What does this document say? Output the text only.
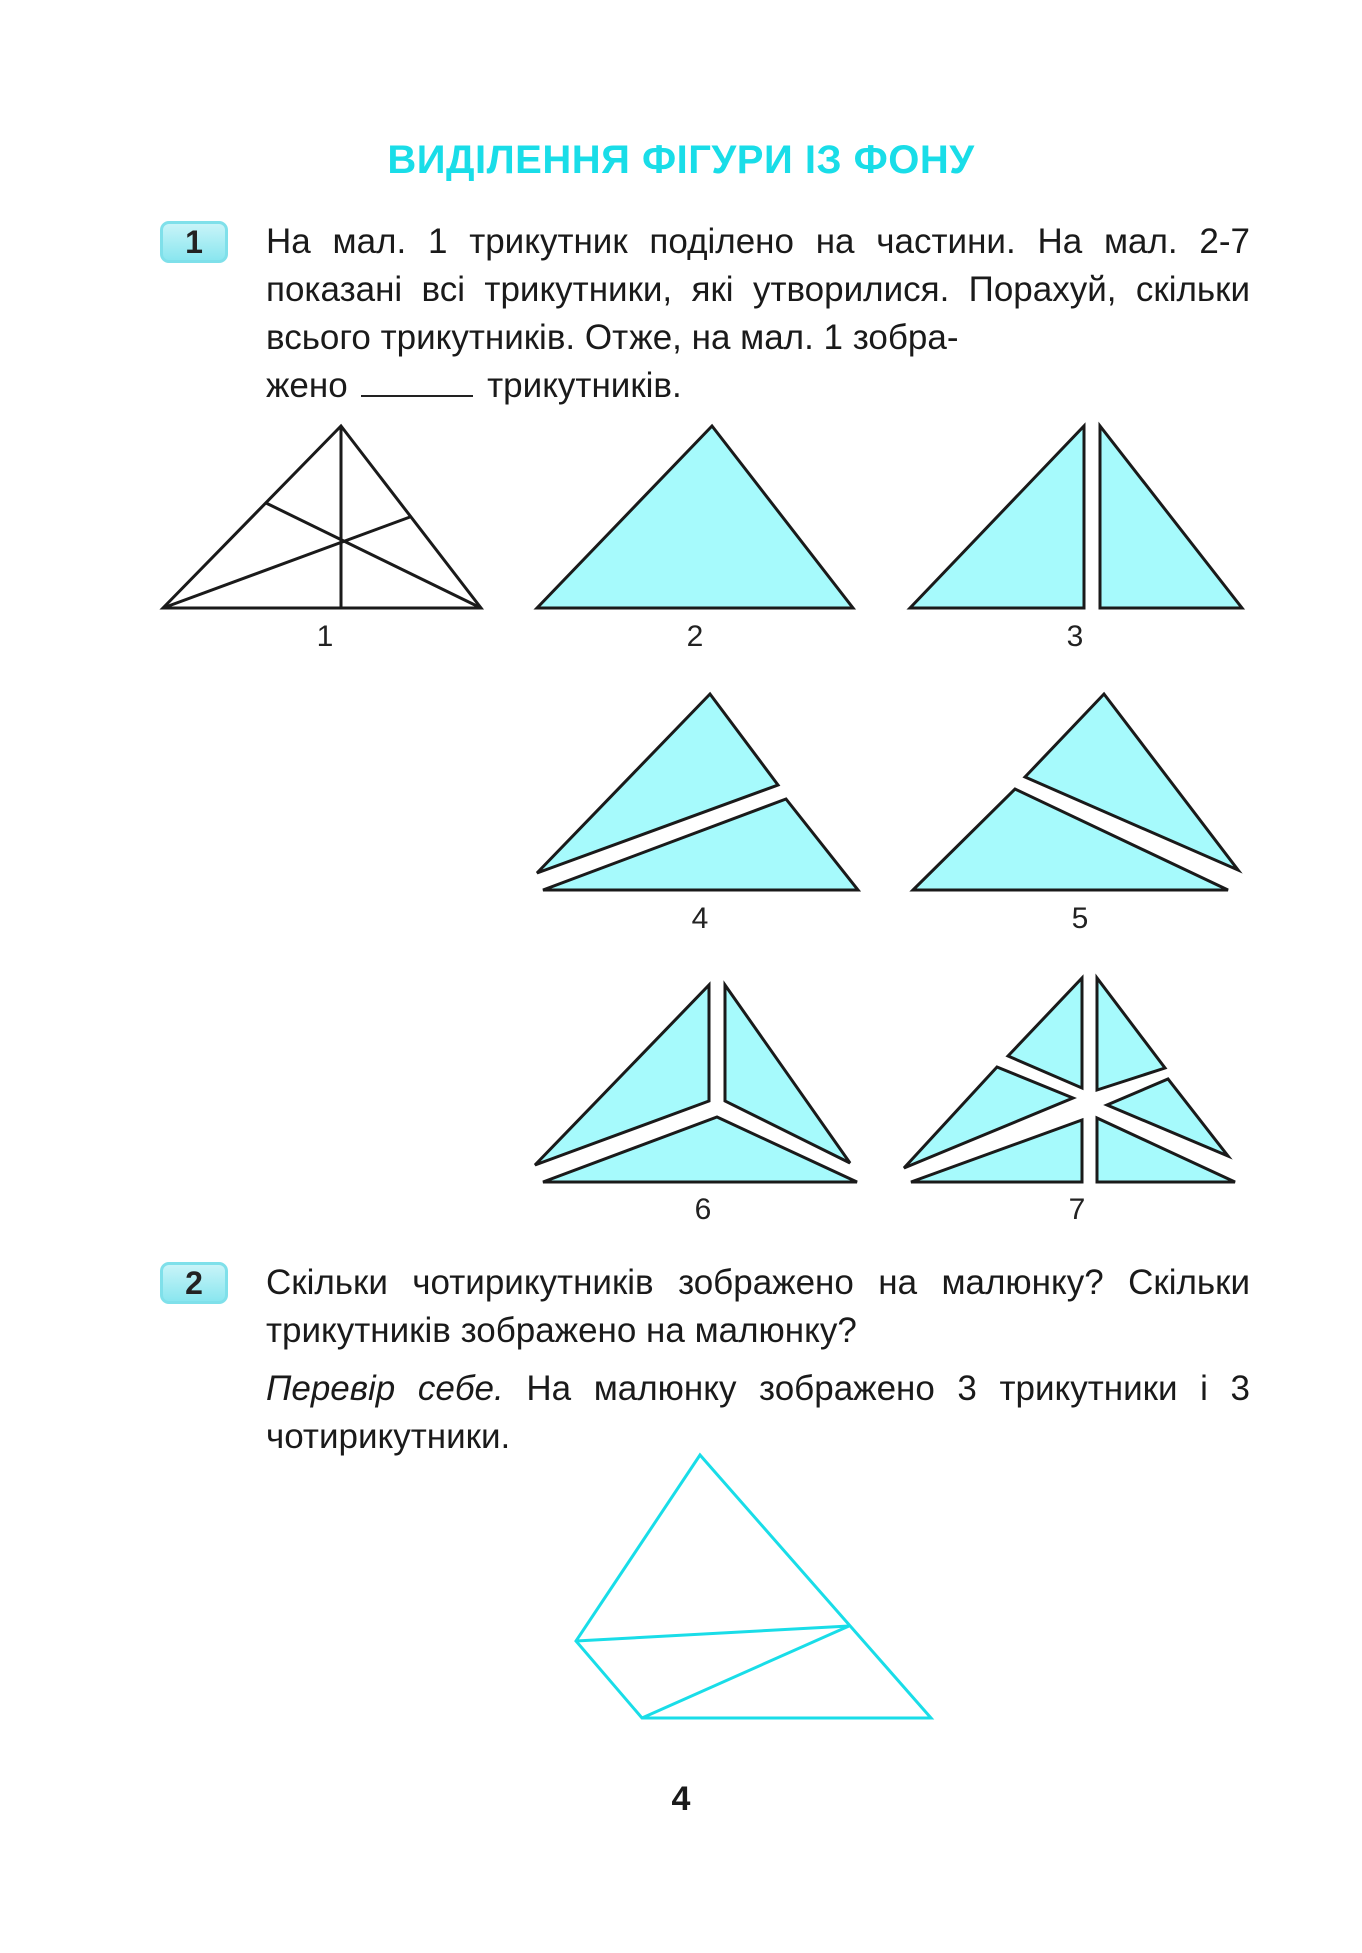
ВИДІЛЕННЯ ФІГУРИ ІЗ ФОНУ
1	На мал. 1 трикутник поділено на частини. На мал. 2-7 показані всі трикутники, які утворилися. Порахуй, скільки всього трикутників. Отже, на мал. 1 зобра-
жено	трикутників.
1	2	3
4	5
6	7
2	Скільки чотирикутників зображено на малюнку? Скільки трикутників зображено на малюнку?
Перевір себе. На малюнку зображено 3 трикутники і 3 чотирикутники.
4
